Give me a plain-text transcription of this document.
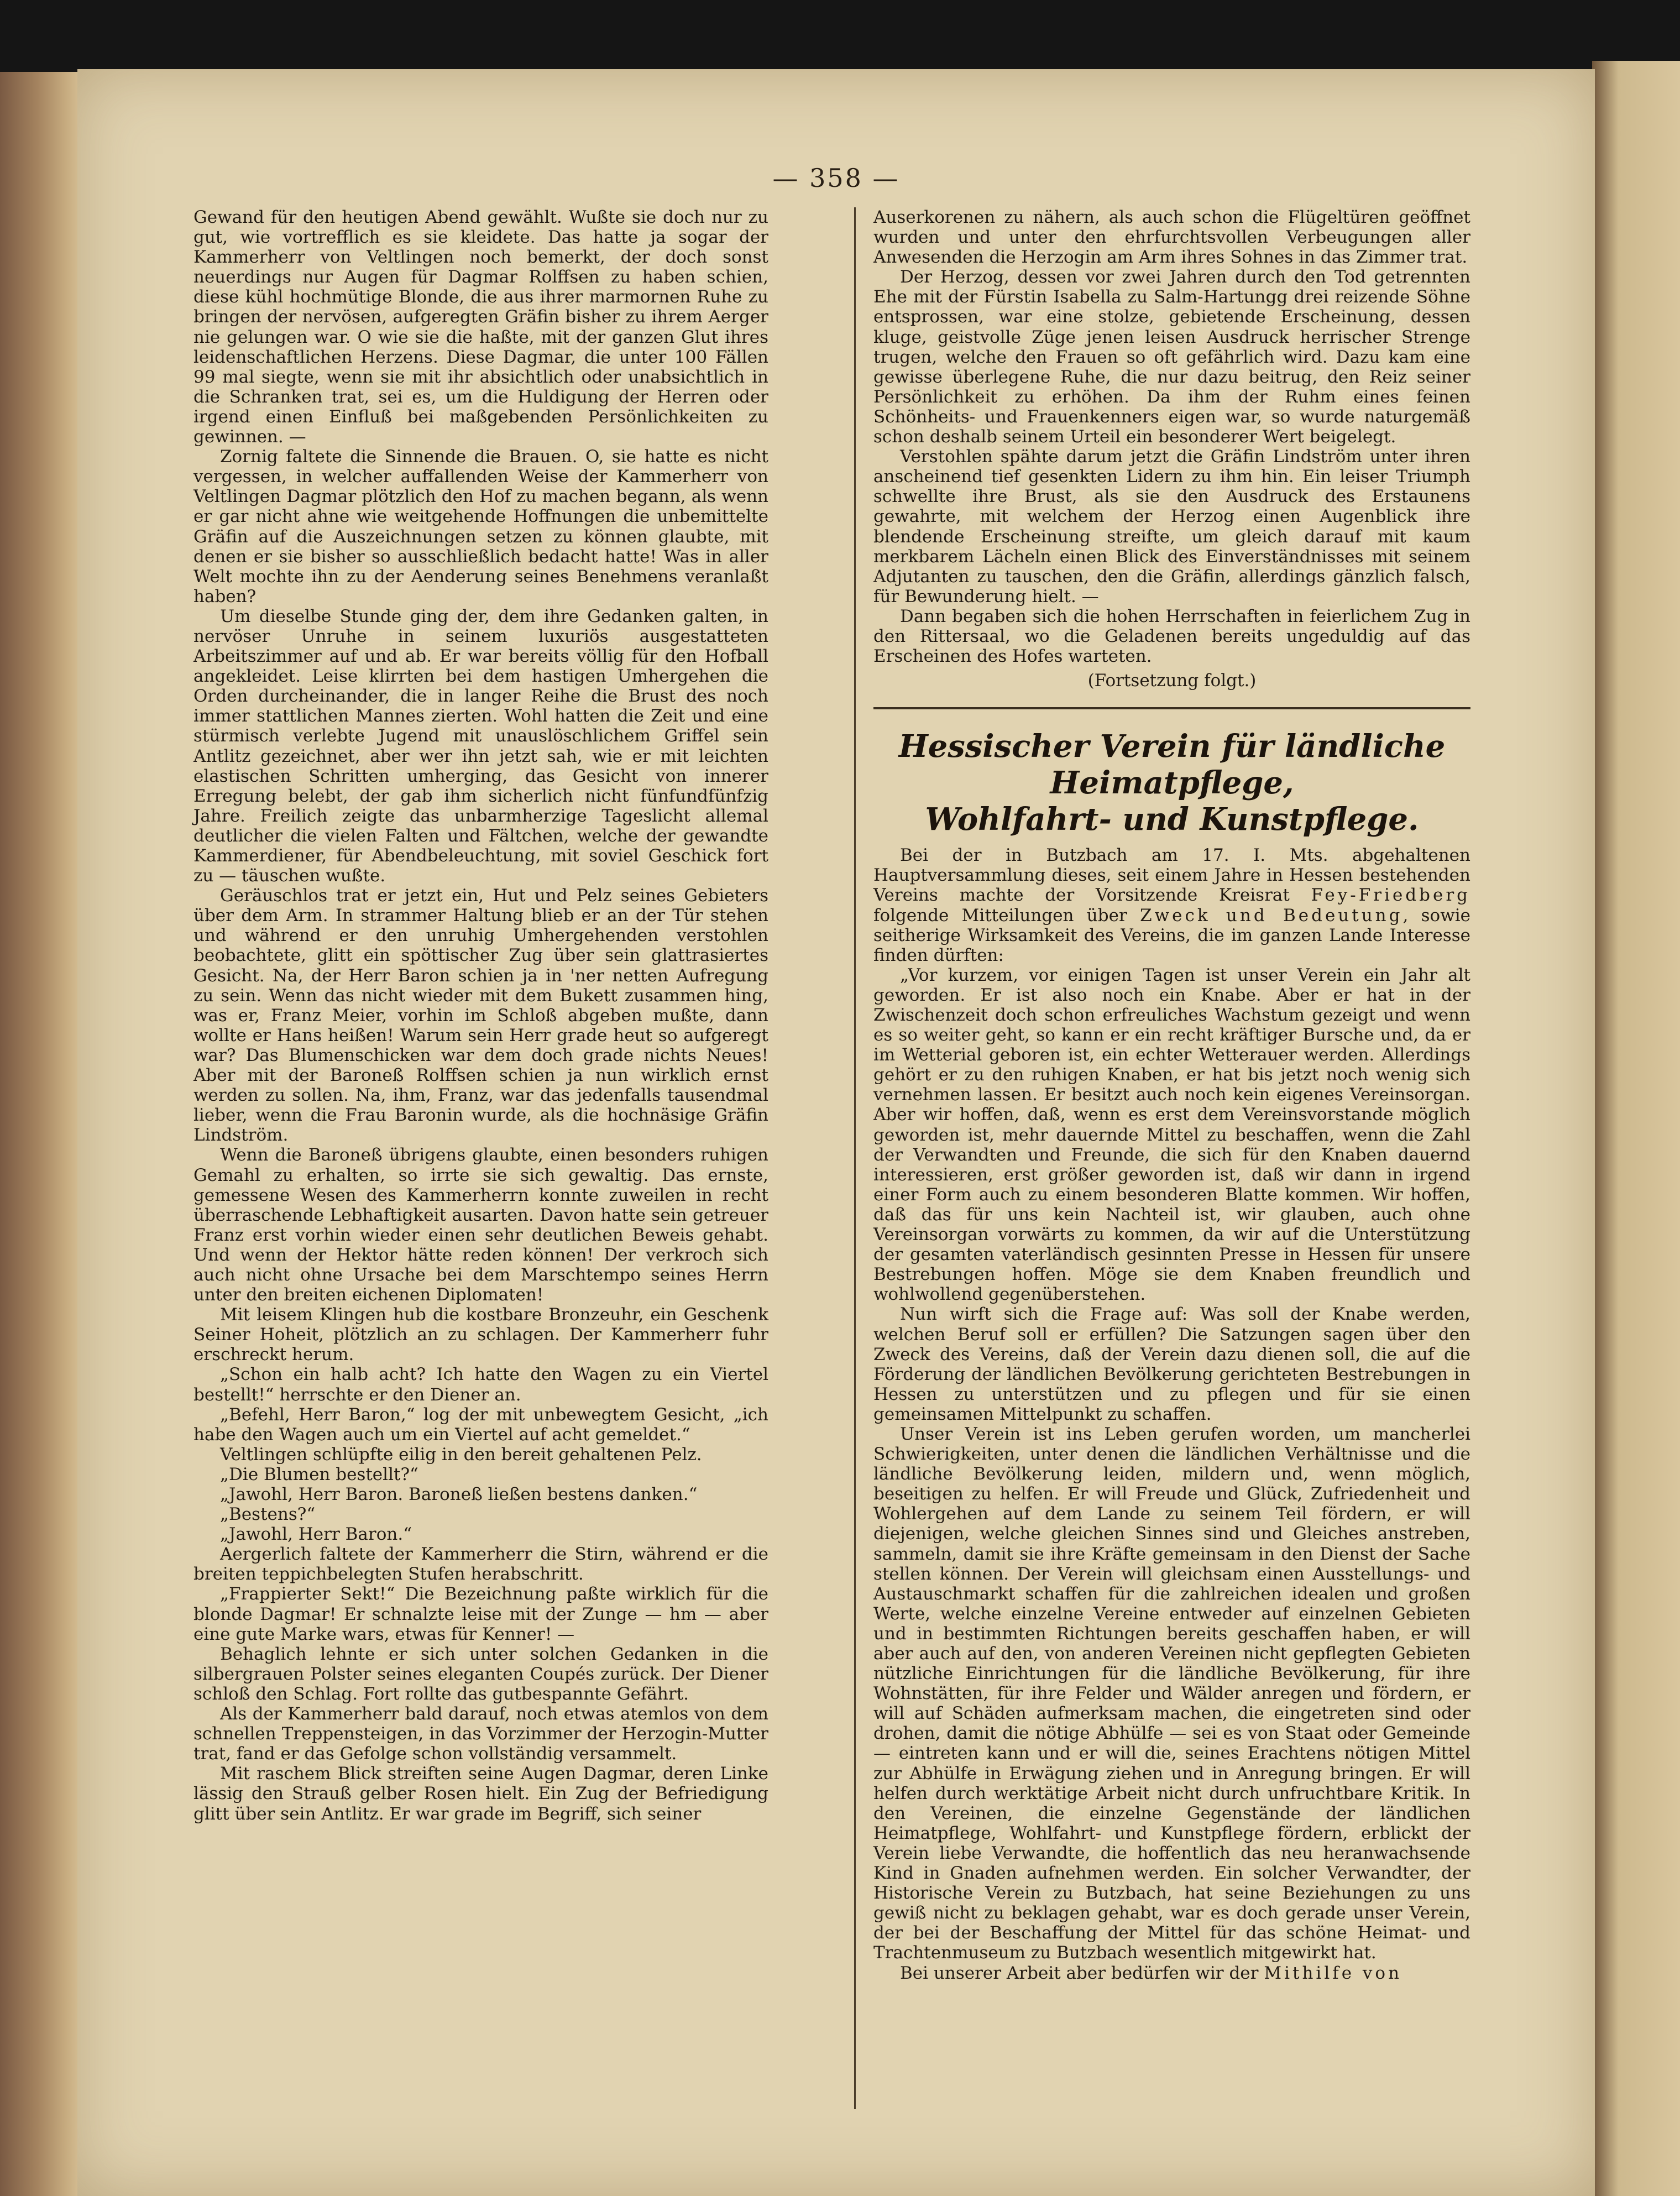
— 358 —

Gewand für den heutigen Abend gewählt. Wußte sie doch nur zu gut, wie vortrefflich es sie kleidete. Das hatte ja sogar der Kammerherr von Veltlingen noch bemerkt, der doch sonst neuerdings nur Augen für Dagmar Rolffsen zu haben schien, diese kühl hochmütige Blonde, die aus ihrer marmornen Ruhe zu bringen der nervösen, aufgeregten Gräfin bisher zu ihrem Aerger nie gelungen war. O wie sie die haßte, mit der ganzen Glut ihres leidenschaftlichen Herzens. Diese Dagmar, die unter 100 Fällen 99 mal siegte, wenn sie mit ihr absichtlich oder unabsichtlich in die Schranken trat, sei es, um die Huldigung der Herren oder irgend einen Einfluß bei maßgebenden Persönlichkeiten zu gewinnen. —

Zornig faltete die Sinnende die Brauen. O, sie hatte es nicht vergessen, in welcher auffallenden Weise der Kammerherr von Veltlingen Dagmar plötzlich den Hof zu machen begann, als wenn er gar nicht ahne wie weitgehende Hoffnungen die unbemittelte Gräfin auf die Auszeichnungen setzen zu können glaubte, mit denen er sie bisher so ausschließlich bedacht hatte! Was in aller Welt mochte ihn zu der Aenderung seines Benehmens veranlaßt haben?

Um dieselbe Stunde ging der, dem ihre Gedanken galten, in nervöser Unruhe in seinem luxuriös ausgestatteten Arbeitszimmer auf und ab. Er war bereits völlig für den Hofball angekleidet. Leise klirrten bei dem hastigen Umhergehen die Orden durcheinander, die in langer Reihe die Brust des noch immer stattlichen Mannes zierten. Wohl hatten die Zeit und eine stürmisch verlebte Jugend mit unauslöschlichem Griffel sein Antlitz gezeichnet, aber wer ihn jetzt sah, wie er mit leichten elastischen Schritten umherging, das Gesicht von innerer Erregung belebt, der gab ihm sicherlich nicht fünfundfünfzig Jahre. Freilich zeigte das unbarmherzige Tageslicht allemal deutlicher die vielen Falten und Fältchen, welche der gewandte Kammerdiener, für Abendbeleuchtung, mit soviel Geschick fort zu — täuschen wußte.

Geräuschlos trat er jetzt ein, Hut und Pelz seines Gebieters über dem Arm. In strammer Haltung blieb er an der Tür stehen und während er den unruhig Umhergehenden verstohlen beobachtete, glitt ein spöttischer Zug über sein glattrasiertes Gesicht. Na, der Herr Baron schien ja in 'ner netten Aufregung zu sein. Wenn das nicht wieder mit dem Bukett zusammen hing, was er, Franz Meier, vorhin im Schloß abgeben mußte, dann wollte er Hans heißen! Warum sein Herr grade heut so aufgeregt war? Das Blumenschicken war dem doch grade nichts Neues! Aber mit der Baroneß Rolffsen schien ja nun wirklich ernst werden zu sollen. Na, ihm, Franz, war das jedenfalls tausendmal lieber, wenn die Frau Baronin wurde, als die hochnäsige Gräfin Lindström.

Wenn die Baroneß übrigens glaubte, einen besonders ruhigen Gemahl zu erhalten, so irrte sie sich gewaltig. Das ernste, gemessene Wesen des Kammerherrn konnte zuweilen in recht überraschende Lebhaftigkeit ausarten. Davon hatte sein getreuer Franz erst vorhin wieder einen sehr deutlichen Beweis gehabt. Und wenn der Hektor hätte reden können! Der verkroch sich auch nicht ohne Ursache bei dem Marschtempo seines Herrn unter den breiten eichenen Diplomaten!

Mit leisem Klingen hub die kostbare Bronzeuhr, ein Geschenk Seiner Hoheit, plötzlich an zu schlagen. Der Kammerherr fuhr erschreckt herum.

„Schon ein halb acht? Ich hatte den Wagen zu ein Viertel bestellt!“ herrschte er den Diener an.

„Befehl, Herr Baron,“ log der mit unbewegtem Gesicht, „ich habe den Wagen auch um ein Viertel auf acht gemeldet.“

Veltlingen schlüpfte eilig in den bereit gehaltenen Pelz.

„Die Blumen bestellt?“

„Jawohl, Herr Baron. Baroneß ließen bestens danken.“

„Bestens?“

„Jawohl, Herr Baron.“

Aergerlich faltete der Kammerherr die Stirn, während er die breiten teppichbelegten Stufen herabschritt.

„Frappierter Sekt!“ Die Bezeichnung paßte wirklich für die blonde Dagmar! Er schnalzte leise mit der Zunge — hm — aber eine gute Marke wars, etwas für Kenner! —

Behaglich lehnte er sich unter solchen Gedanken in die silbergrauen Polster seines eleganten Coupés zurück. Der Diener schloß den Schlag. Fort rollte das gutbespannte Gefährt.

Als der Kammerherr bald darauf, noch etwas atemlos von dem schnellen Treppensteigen, in das Vorzimmer der Herzogin-Mutter trat, fand er das Gefolge schon vollständig versammelt.

Mit raschem Blick streiften seine Augen Dagmar, deren Linke lässig den Strauß gelber Rosen hielt. Ein Zug der Befriedigung glitt über sein Antlitz. Er war grade im Begriff, sich seiner

Auserkorenen zu nähern, als auch schon die Flügeltüren geöffnet wurden und unter den ehrfurchtsvollen Verbeugungen aller Anwesenden die Herzogin am Arm ihres Sohnes in das Zimmer trat.

Der Herzog, dessen vor zwei Jahren durch den Tod getrennten Ehe mit der Fürstin Isabella zu Salm-Hartungg drei reizende Söhne entsprossen, war eine stolze, gebietende Erscheinung, dessen kluge, geistvolle Züge jenen leisen Ausdruck herrischer Strenge trugen, welche den Frauen so oft gefährlich wird. Dazu kam eine gewisse überlegene Ruhe, die nur dazu beitrug, den Reiz seiner Persönlichkeit zu erhöhen. Da ihm der Ruhm eines feinen Schönheits- und Frauenkenners eigen war, so wurde naturgemäß schon deshalb seinem Urteil ein besonderer Wert beigelegt.

Verstohlen spähte darum jetzt die Gräfin Lindström unter ihren anscheinend tief gesenkten Lidern zu ihm hin. Ein leiser Triumph schwellte ihre Brust, als sie den Ausdruck des Erstaunens gewahrte, mit welchem der Herzog einen Augenblick ihre blendende Erscheinung streifte, um gleich darauf mit kaum merkbarem Lächeln einen Blick des Einverständnisses mit seinem Adjutanten zu tauschen, den die Gräfin, allerdings gänzlich falsch, für Bewunderung hielt. —

Dann begaben sich die hohen Herrschaften in feierlichem Zug in den Rittersaal, wo die Geladenen bereits ungeduldig auf das Erscheinen des Hofes warteten.

(Fortsetzung folgt.)

Hessischer Verein für ländliche Heimatpflege,
Wohlfahrt- und Kunstpflege.

Bei der in Butzbach am 17. I. Mts. abgehaltenen Hauptversammlung dieses, seit einem Jahre in Hessen bestehenden Vereins machte der Vorsitzende Kreisrat Fey-Friedberg folgende Mitteilungen über Zweck und Bedeutung, sowie seitherige Wirksamkeit des Vereins, die im ganzen Lande Interesse finden dürften:

„Vor kurzem, vor einigen Tagen ist unser Verein ein Jahr alt geworden. Er ist also noch ein Knabe. Aber er hat in der Zwischenzeit doch schon erfreuliches Wachstum gezeigt und wenn es so weiter geht, so kann er ein recht kräftiger Bursche und, da er im Wetterial geboren ist, ein echter Wetterauer werden. Allerdings gehört er zu den ruhigen Knaben, er hat bis jetzt noch wenig sich vernehmen lassen. Er besitzt auch noch kein eigenes Vereinsorgan. Aber wir hoffen, daß, wenn es erst dem Vereinsvorstande möglich geworden ist, mehr dauernde Mittel zu beschaffen, wenn die Zahl der Verwandten und Freunde, die sich für den Knaben dauernd interessieren, erst größer geworden ist, daß wir dann in irgend einer Form auch zu einem besonderen Blatte kommen. Wir hoffen, daß das für uns kein Nachteil ist, wir glauben, auch ohne Vereinsorgan vorwärts zu kommen, da wir auf die Unterstützung der gesamten vaterländisch gesinnten Presse in Hessen für unsere Bestrebungen hoffen. Möge sie dem Knaben freundlich und wohlwollend gegenüberstehen.

Nun wirft sich die Frage auf: Was soll der Knabe werden, welchen Beruf soll er erfüllen? Die Satzungen sagen über den Zweck des Vereins, daß der Verein dazu dienen soll, die auf die Förderung der ländlichen Bevölkerung gerichteten Bestrebungen in Hessen zu unterstützen und zu pflegen und für sie einen gemeinsamen Mittelpunkt zu schaffen.

Unser Verein ist ins Leben gerufen worden, um mancherlei Schwierigkeiten, unter denen die ländlichen Verhältnisse und die ländliche Bevölkerung leiden, mildern und, wenn möglich, beseitigen zu helfen. Er will Freude und Glück, Zufriedenheit und Wohlergehen auf dem Lande zu seinem Teil fördern, er will diejenigen, welche gleichen Sinnes sind und Gleiches anstreben, sammeln, damit sie ihre Kräfte gemeinsam in den Dienst der Sache stellen können. Der Verein will gleichsam einen Ausstellungs- und Austauschmarkt schaffen für die zahlreichen idealen und großen Werte, welche einzelne Vereine entweder auf einzelnen Gebieten und in bestimmten Richtungen bereits geschaffen haben, er will aber auch auf den, von anderen Vereinen nicht gepflegten Gebieten nützliche Einrichtungen für die ländliche Bevölkerung, für ihre Wohnstätten, für ihre Felder und Wälder anregen und fördern, er will auf Schäden aufmerksam machen, die eingetreten sind oder drohen, damit die nötige Abhülfe — sei es von Staat oder Gemeinde — eintreten kann und er will die, seines Erachtens nötigen Mittel zur Abhülfe in Erwägung ziehen und in Anregung bringen. Er will helfen durch werktätige Arbeit nicht durch unfruchtbare Kritik. In den Vereinen, die einzelne Gegenstände der ländlichen Heimatpflege, Wohlfahrt- und Kunstpflege fördern, erblickt der Verein liebe Verwandte, die hoffentlich das neu heranwachsende Kind in Gnaden aufnehmen werden. Ein solcher Verwandter, der Historische Verein zu Butzbach, hat seine Beziehungen zu uns gewiß nicht zu beklagen gehabt, war es doch gerade unser Verein, der bei der Beschaffung der Mittel für das schöne Heimat- und Trachtenmuseum zu Butzbach wesentlich mitgewirkt hat.

Bei unserer Arbeit aber bedürfen wir der Mithilfe von
